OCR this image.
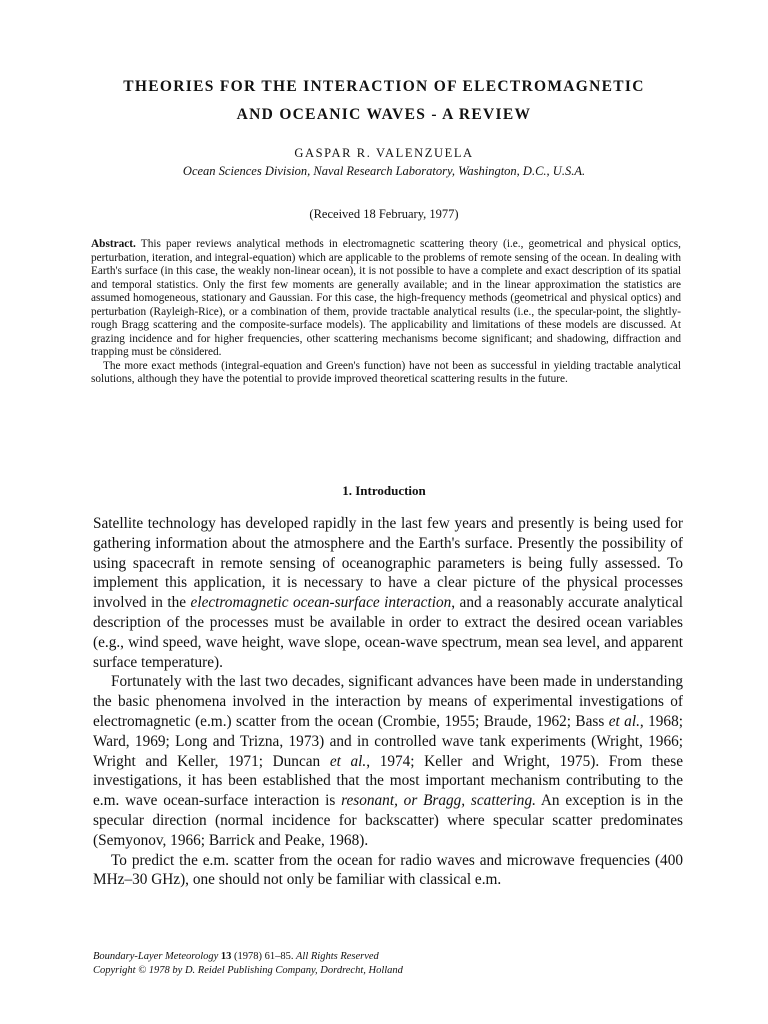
THEORIES FOR THE INTERACTION OF ELECTROMAGNETIC
AND OCEANIC WAVES - A REVIEW
GASPAR R. VALENZUELA
Ocean Sciences Division, Naval Research Laboratory, Washington, D.C., U.S.A.
(Received 18 February, 1977)

Abstract. This paper reviews analytical methods in electromagnetic scattering theory (i.e., geometrical and physical optics, perturbation, iteration, and integral-equation) which are applicable to the problems of remote sensing of the ocean. In dealing with Earth's surface (in this case, the weakly non-linear ocean), it is not possible to have a complete and exact description of its spatial and temporal statistics. Only the first few moments are generally available; and in the linear approximation the statistics are assumed homogeneous, stationary and Gaussian. For this case, the high-frequency methods (geometrical and physical optics) and perturbation (Rayleigh-Rice), or a combination of them, provide tractable analytical results (i.e., the specular-point, the slightly-rough Bragg scattering and the composite-surface models). The applicability and limitations of these models are discussed. At grazing incidence and for higher frequencies, other scattering mechanisms become significant; and shadowing, diffraction and trapping must be cönsidered.

The more exact methods (integral-equation and Green's function) have not been as successful in yielding tractable analytical solutions, although they have the potential to provide improved theoretical scattering results in the future.

1. Introduction

Satellite technology has developed rapidly in the last few years and presently is being used for gathering information about the atmosphere and the Earth's surface. Presently the possibility of using spacecraft in remote sensing of oceanographic parameters is being fully assessed. To implement this application, it is necessary to have a clear picture of the physical processes involved in the electromagnetic ocean-surface interaction, and a reasonably accurate analytical description of the processes must be available in order to extract the desired ocean variables (e.g., wind speed, wave height, wave slope, ocean-wave spectrum, mean sea level, and apparent surface temperature).

Fortunately with the last two decades, significant advances have been made in understanding the basic phenomena involved in the interaction by means of experimental investigations of electromagnetic (e.m.) scatter from the ocean (Crombie, 1955; Braude, 1962; Bass et al., 1968; Ward, 1969; Long and Trizna, 1973) and in controlled wave tank experiments (Wright, 1966; Wright and Keller, 1971; Duncan et al., 1974; Keller and Wright, 1975). From these investigations, it has been established that the most important mechanism contributing to the e.m. wave ocean-surface interaction is resonant, or Bragg, scattering. An exception is in the specular direction (normal incidence for backscatter) where specular scatter predominates (Semyonov, 1966; Barrick and Peake, 1968).

To predict the e.m. scatter from the ocean for radio waves and microwave frequencies (400 MHz–30 GHz), one should not only be familiar with classical e.m.

Boundary-Layer Meteorology 13 (1978) 61–85. All Rights Reserved
Copyright © 1978 by D. Reidel Publishing Company, Dordrecht, Holland
